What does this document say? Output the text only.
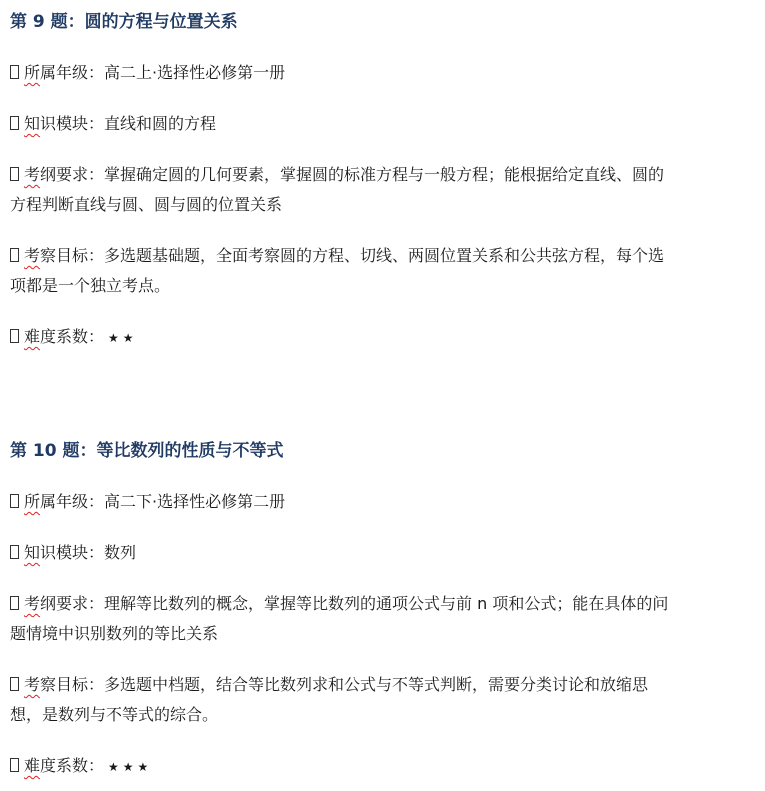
第 9 题：圆的方程与位置关系

所属年级：高二上·选择性必修第一册

知识模块：直线和圆的方程

考纲要求：掌握确定圆的几何要素，掌握圆的标准方程与一般方程；能根据给定直线、圆的
方程判断直线与圆、圆与圆的位置关系

考察目标：多选题基础题，全面考察圆的方程、切线、两圆位置关系和公共弦方程，每个选
项都是一个独立考点。

难度系数： ★★

第 10 题：等比数列的性质与不等式

所属年级：高二下·选择性必修第二册

知识模块：数列

考纲要求：理解等比数列的概念，掌握等比数列的通项公式与前 n 项和公式；能在具体的问
题情境中识别数列的等比关系

考察目标：多选题中档题，结合等比数列求和公式与不等式判断，需要分类讨论和放缩思
想，是数列与不等式的综合。

难度系数： ★★★
